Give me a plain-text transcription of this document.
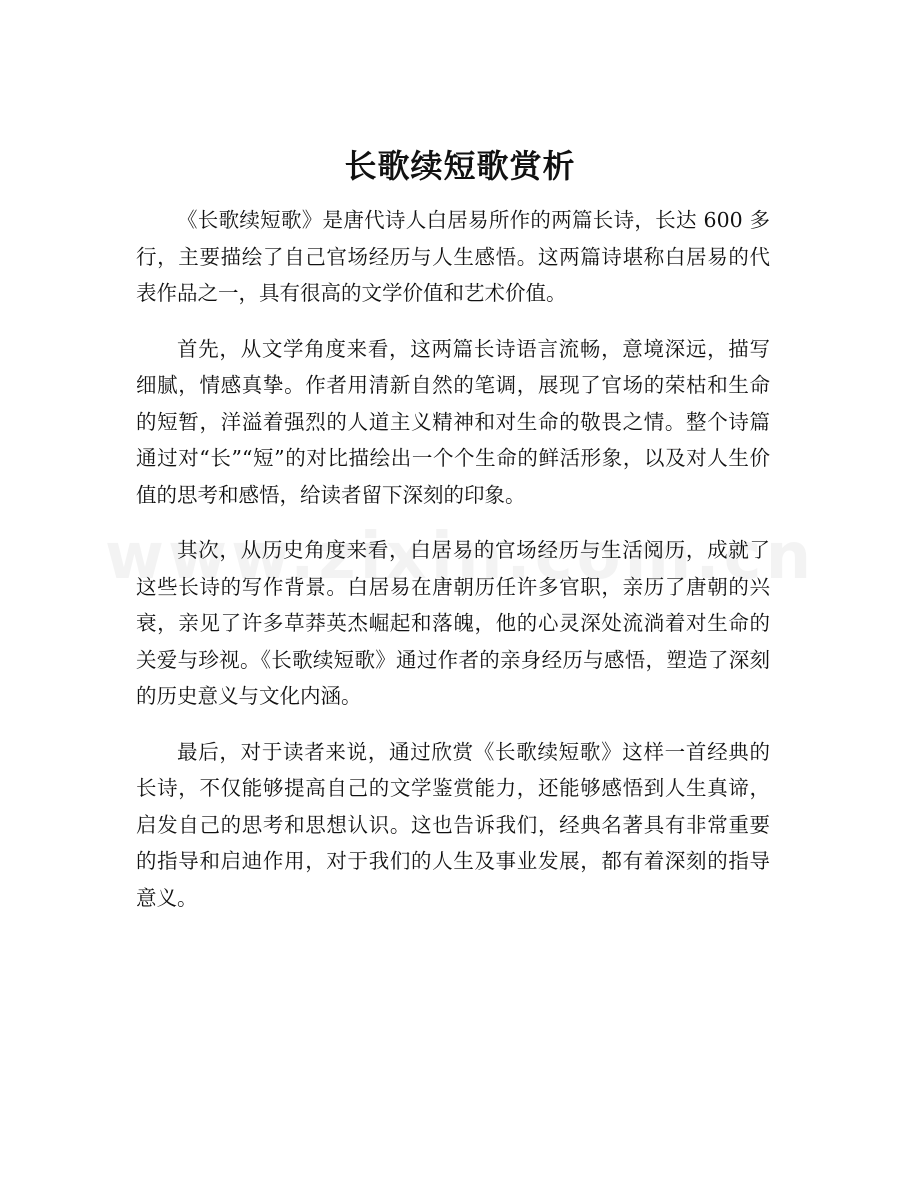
长歌续短歌赏析

《长歌续短歌》是唐代诗人白居易所作的两篇长诗，长达 600 多行，主要描绘了自己官场经历与人生感悟。这两篇诗堪称白居易的代表作品之一，具有很高的文学价值和艺术价值。

首先，从文学角度来看，这两篇长诗语言流畅，意境深远，描写细腻，情感真挚。作者用清新自然的笔调，展现了官场的荣枯和生命的短暂，洋溢着强烈的人道主义精神和对生命的敬畏之情。整个诗篇通过对“长”“短”的对比描绘出一个个生命的鲜活形象，以及对人生价值的思考和感悟，给读者留下深刻的印象。

其次，从历史角度来看，白居易的官场经历与生活阅历，成就了这些长诗的写作背景。白居易在唐朝历任许多官职，亲历了唐朝的兴衰，亲见了许多草莽英杰崛起和落魄，他的心灵深处流淌着对生命的关爱与珍视。《长歌续短歌》通过作者的亲身经历与感悟，塑造了深刻的历史意义与文化内涵。

最后，对于读者来说，通过欣赏《长歌续短歌》这样一首经典的长诗，不仅能够提高自己的文学鉴赏能力，还能够感悟到人生真谛，启发自己的思考和思想认识。这也告诉我们，经典名著具有非常重要的指导和启迪作用，对于我们的人生及事业发展，都有着深刻的指导意义。
